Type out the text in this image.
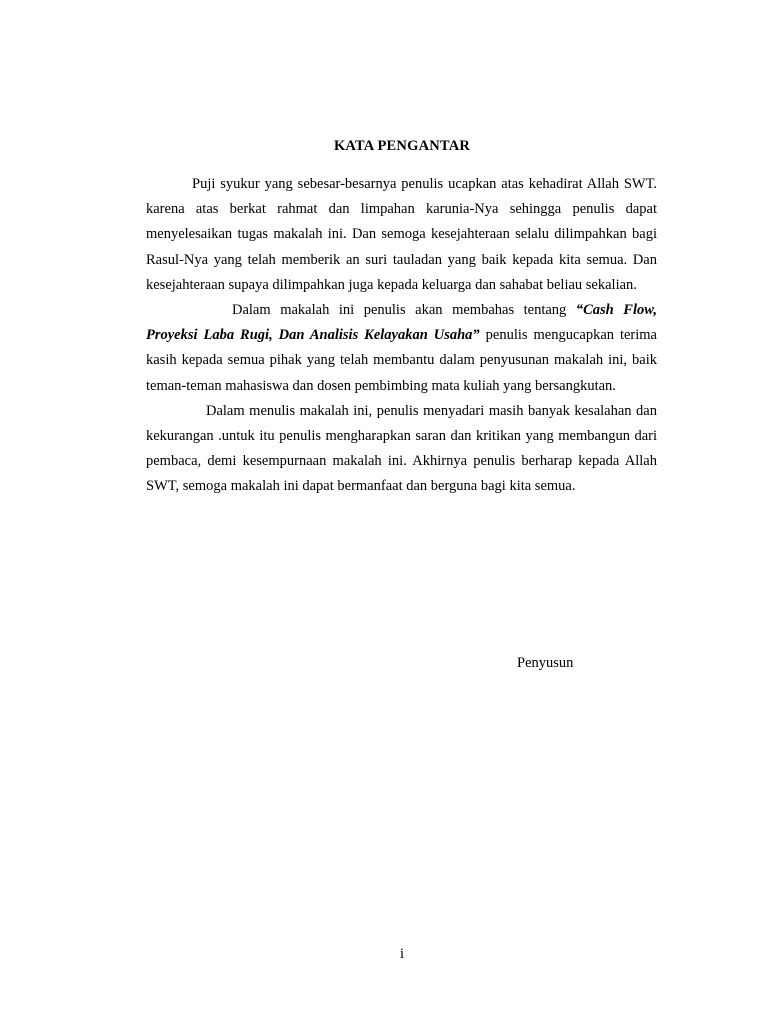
KATA PENGANTAR

Puji syukur yang sebesar-besarnya penulis ucapkan atas kehadirat Allah SWT. karena atas berkat rahmat dan limpahan karunia-Nya sehingga penulis dapat menyelesaikan tugas makalah ini. Dan semoga kesejahteraan selalu dilimpahkan bagi Rasul-Nya yang telah memberik an suri tauladan yang baik kepada kita semua. Dan kesejahteraan supaya dilimpahkan juga kepada keluarga dan sahabat beliau sekalian.

Dalam makalah ini penulis akan membahas tentang “Cash Flow, Proyeksi Laba Rugi, Dan Analisis Kelayakan Usaha” penulis mengucapkan terima kasih kepada semua pihak yang telah membantu dalam penyusunan makalah ini, baik teman-teman mahasiswa dan dosen pembimbing mata kuliah yang bersangkutan.

Dalam menulis makalah ini, penulis menyadari masih banyak kesalahan dan kekurangan .untuk itu penulis mengharapkan saran dan kritikan yang membangun dari pembaca, demi kesempurnaan makalah ini. Akhirnya penulis berharap kepada Allah SWT, semoga makalah ini dapat bermanfaat dan berguna bagi kita semua.

Penyusun
i
